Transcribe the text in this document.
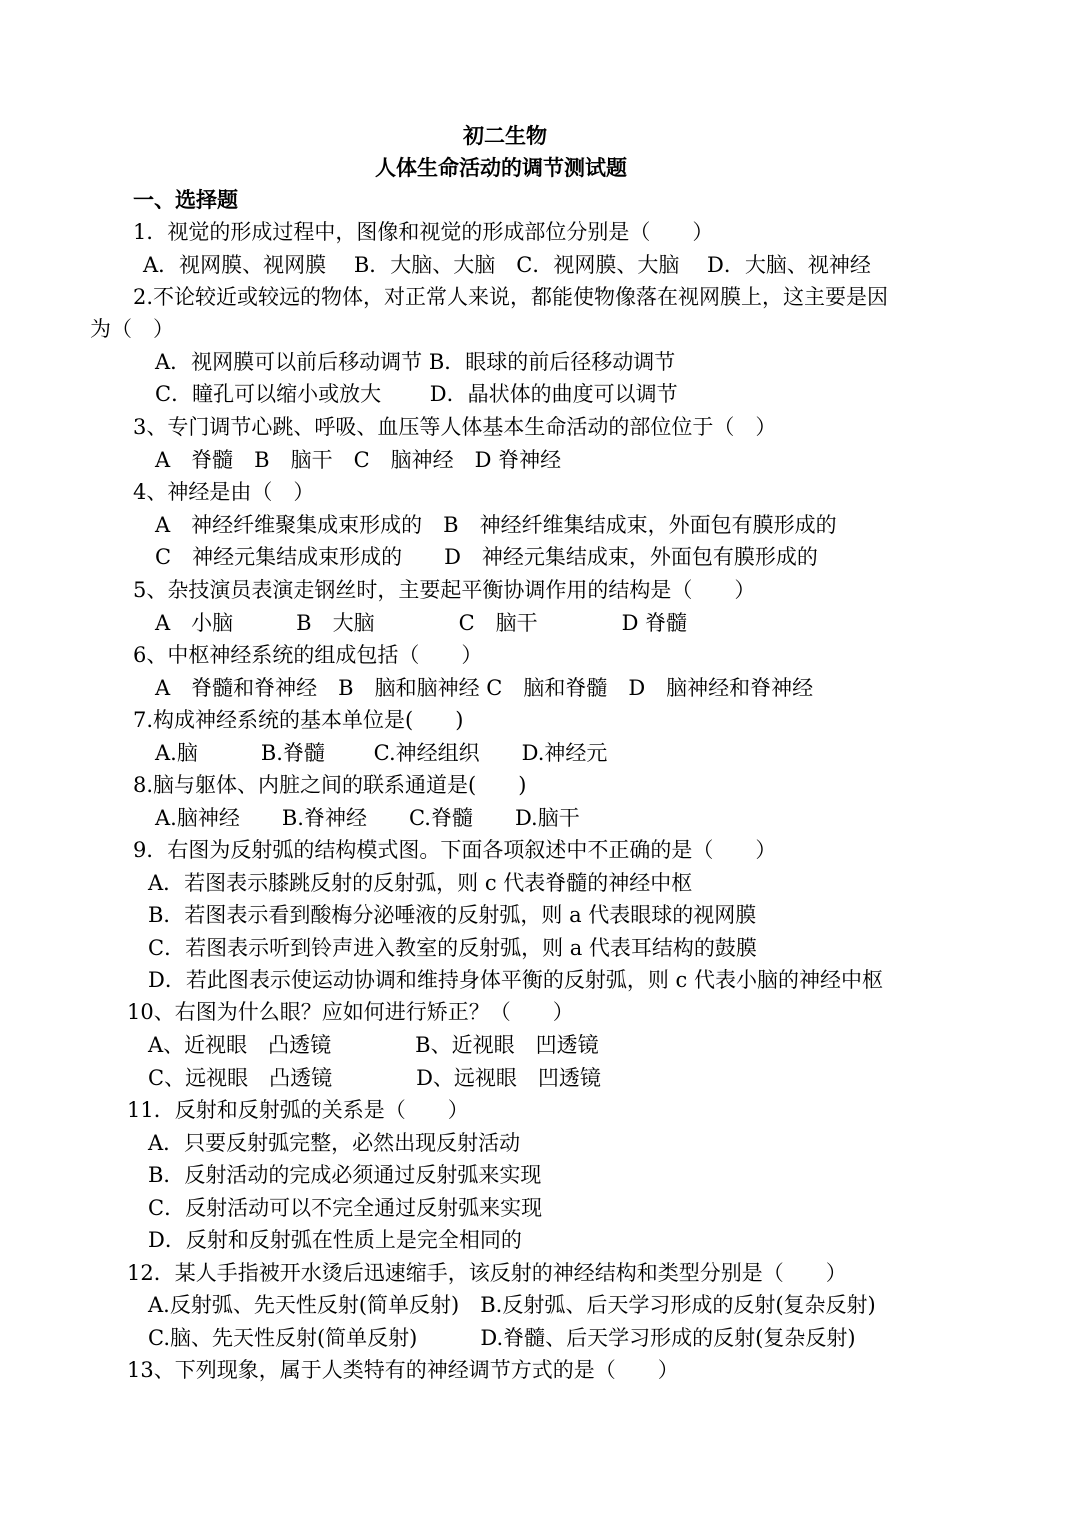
初二生物
人体生命活动的调节测试题
一、选择题
1．视觉的形成过程中，图像和视觉的形成部位分别是（　　）
A．视网膜、视网膜　 B．大脑、大脑　C．视网膜、大脑　 D．大脑、视神经
2.不论较近或较远的物体，对正常人来说，都能使物像落在视网膜上，这主要是因
为（　）
A．视网膜可以前后移动调节 B．眼球的前后径移动调节
C．瞳孔可以缩小或放大　　 D．晶状体的曲度可以调节
3、专门调节心跳、呼吸、血压等人体基本生命活动的部位位于（　）
A　脊髓　B　脑干　C　脑神经　D 脊神经
4、神经是由（　）
A　神经纤维聚集成束形成的　B　神经纤维集结成束，外面包有膜形成的
C　神经元集结成束形成的　　D　神经元集结成束，外面包有膜形成的
5、杂技演员表演走钢丝时，主要起平衡协调作用的结构是（　　）
A　小脑　　　B　大脑　　　　C　脑干　　　　D 脊髓
6、中枢神经系统的组成包括（　　）
A　脊髓和脊神经　B　脑和脑神经 C　脑和脊髓　D　脑神经和脊神经
7.构成神经系统的基本单位是(　　)
A.脑　　　B.脊髓　　 C.神经组织　　D.神经元
8.脑与躯体、内脏之间的联系通道是(　　)
A.脑神经　　B.脊神经　　C.脊髓　　D.脑干
9．右图为反射弧的结构模式图。下面各项叙述中不正确的是（　　）
A．若图表示膝跳反射的反射弧，则 c 代表脊髓的神经中枢
B．若图表示看到酸梅分泌唾液的反射弧，则 a 代表眼球的视网膜
C．若图表示听到铃声进入教室的反射弧，则 a 代表耳结构的鼓膜
D．若此图表示使运动协调和维持身体平衡的反射弧，则 c 代表小脑的神经中枢
10、右图为什么眼？应如何进行矫正？（　　）
A、近视眼　凸透镜　　　　B、近视眼　凹透镜
C、远视眼　凸透镜　　　　D、远视眼　凹透镜
11．反射和反射弧的关系是（　　）
A．只要反射弧完整，必然出现反射活动
B．反射活动的完成必须通过反射弧来实现
C．反射活动可以不完全通过反射弧来实现
D．反射和反射弧在性质上是完全相同的
12．某人手指被开水烫后迅速缩手，该反射的神经结构和类型分别是（　　）
A.反射弧、先天性反射(简单反射)　B.反射弧、后天学习形成的反射(复杂反射)
C.脑、先天性反射(简单反射)　　　D.脊髓、后天学习形成的反射(复杂反射)
13、下列现象，属于人类特有的神经调节方式的是（　　）
